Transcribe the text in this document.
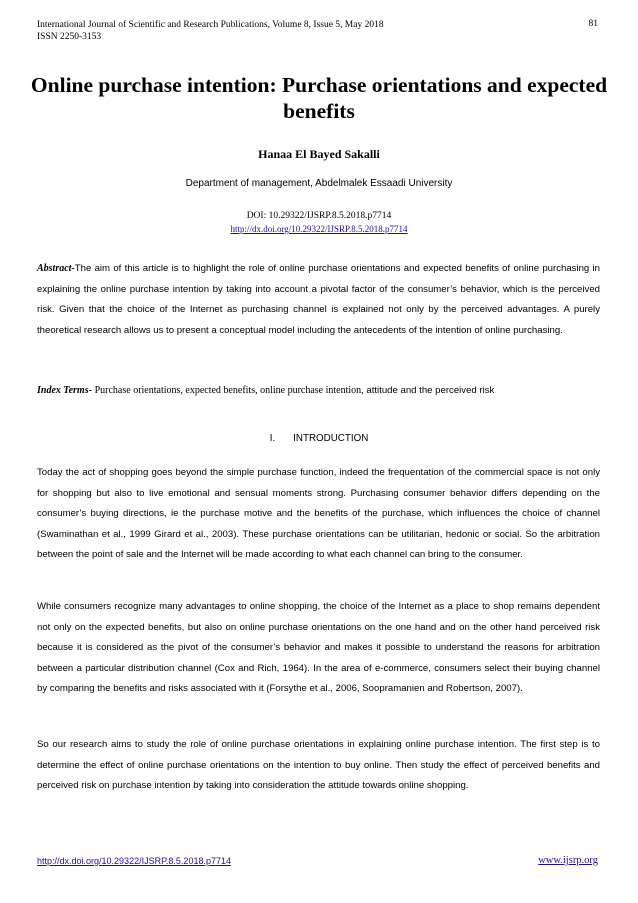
International Journal of Scientific and Research Publications, Volume 8, Issue 5, May 2018
ISSN 2250-3153
81
Online purchase intention: Purchase orientations and expected benefits
Hanaa El Bayed Sakalli
Department of management, Abdelmalek Essaadi University
DOI: 10.29322/IJSRP.8.5.2018.p7714
http://dx.doi.org/10.29322/IJSRP.8.5.2018.p7714
Abstract-The aim of this article is to highlight the role of online purchase orientations and expected benefits of online purchasing in explaining the online purchase intention by taking into account a pivotal factor of the consumer’s behavior, which is the perceived risk. Given that the choice of the Internet as purchasing channel is explained not only by the perceived advantages. A purely theoretical research allows us to present a conceptual model including the antecedents of the intention of online purchasing.
Index Terms- Purchase orientations, expected benefits, online purchase intention, attitude and the perceived risk
I. INTRODUCTION
Today the act of shopping goes beyond the simple purchase function, indeed the frequentation of the commercial space is not only for shopping but also to live emotional and sensual moments strong. Purchasing consumer behavior differs depending on the consumer’s buying directions, ie the purchase motive and the benefits of the purchase, which influences the choice of channel (Swaminathan et al., 1999 Girard et al., 2003). These purchase orientations can be utilitarian, hedonic or social. So the arbitration between the point of sale and the Internet will be made according to what each channel can bring to the consumer.
While consumers recognize many advantages to online shopping, the choice of the Internet as a place to shop remains dependent not only on the expected benefits, but also on online purchase orientations on the one hand and on the other hand perceived risk because it is considered as the pivot of the consumer’s behavior and makes it possible to understand the reasons for arbitration between a particular distribution channel (Cox and Rich, 1964). In the area of e-commerce, consumers select their buying channel by comparing the benefits and risks associated with it (Forsythe et al., 2006, Soopramanien and Robertson, 2007).
So our research aims to study the role of online purchase orientations in explaining online purchase intention. The first step is to determine the effect of online purchase orientations on the intention to buy online. Then study the effect of perceived benefits and perceived risk on purchase intention by taking into consideration the attitude towards online shopping.
http://dx.doi.org/10.29322/IJSRP.8.5.2018.p7714	www.ijsrp.org
